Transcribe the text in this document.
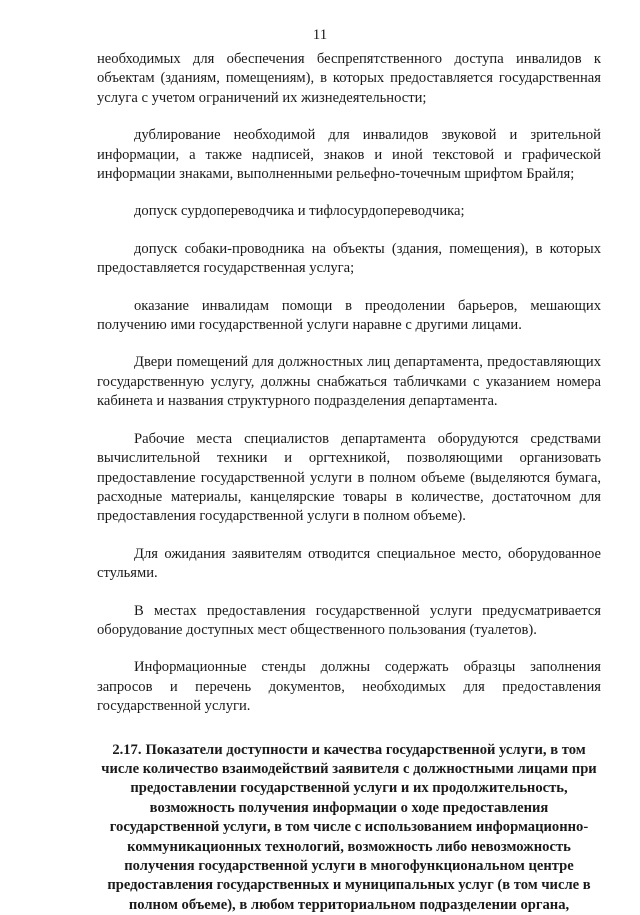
11

необходимых для обеспечения беспрепятственного доступа инвалидов к объектам (зданиям, помещениям), в которых предоставляется государственная услуга с учетом ограничений их жизнедеятельности;

дублирование необходимой для инвалидов звуковой и зрительной информации, а также надписей, знаков и иной текстовой и графической информации знаками, выполненными рельефно-точечным шрифтом Брайля;

допуск сурдопереводчика и тифлосурдопереводчика;

допуск собаки-проводника на объекты (здания, помещения), в которых предоставляется государственная услуга;

оказание инвалидам помощи в преодолении барьеров, мешающих получению ими государственной услуги наравне с другими лицами.

Двери помещений для должностных лиц департамента, предоставляющих государственную услугу, должны снабжаться табличками с указанием номера кабинета и названия структурного подразделения департамента.

Рабочие места специалистов департамента оборудуются средствами вычислительной техники и оргтехникой, позволяющими организовать предоставление государственной услуги в полном объеме (выделяются бумага, расходные материалы, канцелярские товары в количестве, достаточном для предоставления государственной услуги в полном объеме).

Для ожидания заявителям отводится специальное место, оборудованное стульями.

В местах предоставления государственной услуги предусматривается оборудование доступных мест общественного пользования (туалетов).

Информационные стенды должны содержать образцы заполнения запросов и перечень документов, необходимых для предоставления государственной услуги.

2.17. Показатели доступности и качества государственной услуги, в том числе количество взаимодействий заявителя с должностными лицами при предоставлении государственной услуги и их продолжительность, возможность получения информации о ходе предоставления государственной услуги, в том числе с использованием информационно-коммуникационных технологий, возможность либо невозможность получения государственной услуги в многофункциональном центре предоставления государственных и муниципальных услуг (в том числе в полном объеме), в любом территориальном подразделении органа,
